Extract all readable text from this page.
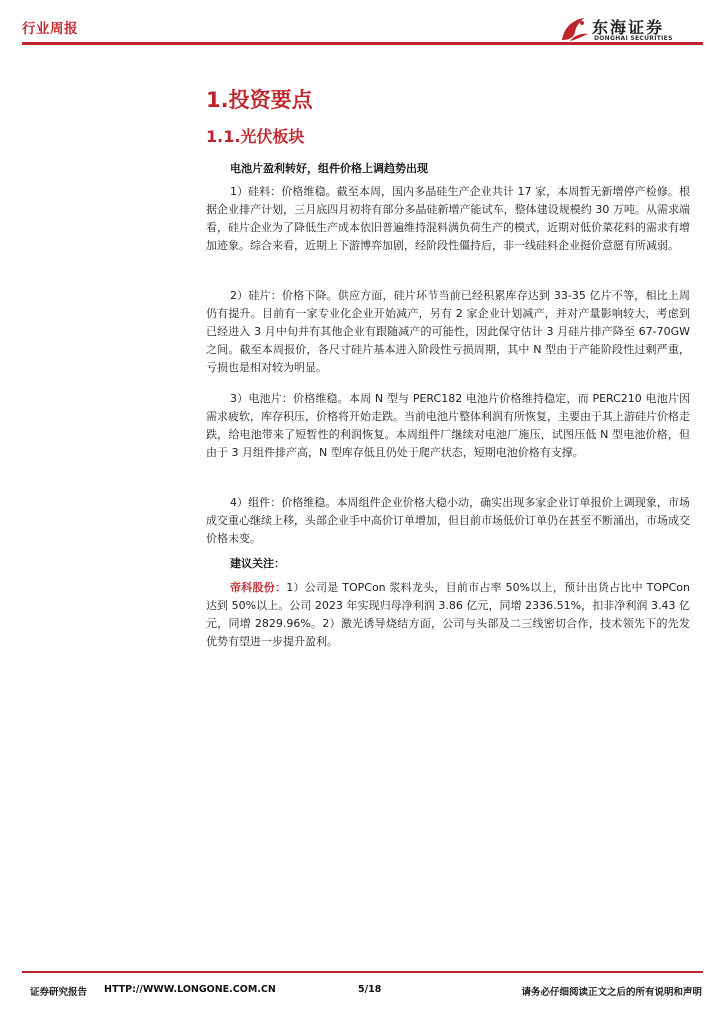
行业周报	东海证券
DONGHAI SECURITIES
1.投资要点
1.1.光伏板块
电池片盈利转好，组件价格上调趋势出现

1）硅料：价格维稳。截至本周，国内多晶硅生产企业共计 17 家，本周暂无新增停产检修。根据企业排产计划，三月底四月初将有部分多晶硅新增产能试车，整体建设规模约 30 万吨。从需求端看，硅片企业为了降低生产成本依旧普遍维持混料满负荷生产的模式，近期对低价菜花料的需求有增加迹象。综合来看，近期上下游博弈加剧，经阶段性僵持后，非一线硅料企业挺价意愿有所减弱。

2）硅片：价格下降。供应方面，硅片环节当前已经积累库存达到 33-35 亿片不等，相比上周仍有提升。目前有一家专业化企业开始减产，另有 2 家企业计划减产，并对产量影响较大，考虑到已经进入 3 月中旬并有其他企业有跟随减产的可能性，因此保守估计 3 月硅片排产降至 67-70GW 之间。截至本周报价，各尺寸硅片基本进入阶段性亏损周期，其中 N 型由于产能阶段性过剩严重，亏损也是相对较为明显。

3）电池片：价格维稳。本周 N 型与 PERC182 电池片价格维持稳定，而 PERC210 电池片因需求疲软，库存积压，价格将开始走跌。当前电池片整体利润有所恢复，主要由于其上游硅片价格走跌，给电池带来了短暂性的利润恢复。本周组件厂继续对电池厂施压，试图压低 N 型电池价格，但由于 3 月组件排产高，N 型库存低且仍处于爬产状态，短期电池价格有支撑。

4）组件：价格维稳。本周组件企业价格大稳小动，确实出现多家企业订单报价上调现象，市场成交重心继续上移，头部企业手中高价订单增加，但目前市场低价订单仍在甚至不断涌出，市场成交价格未变。

建议关注：

帝科股份：1）公司是 TOPCon 浆料龙头，目前市占率 50%以上，预计出货占比中 TOPCon 达到 50%以上。公司 2023 年实现归母净利润 3.86 亿元，同增 2336.51%，扣非净利润 3.43 亿元，同增 2829.96%。2）激光诱导烧结方面，公司与头部及二三线密切合作，技术领先下的先发优势有望进一步提升盈利。

证券研究报告 HTTP://WWW.LONGONE.COM.CN	5/18	请务必仔细阅读正文之后的所有说明和声明
